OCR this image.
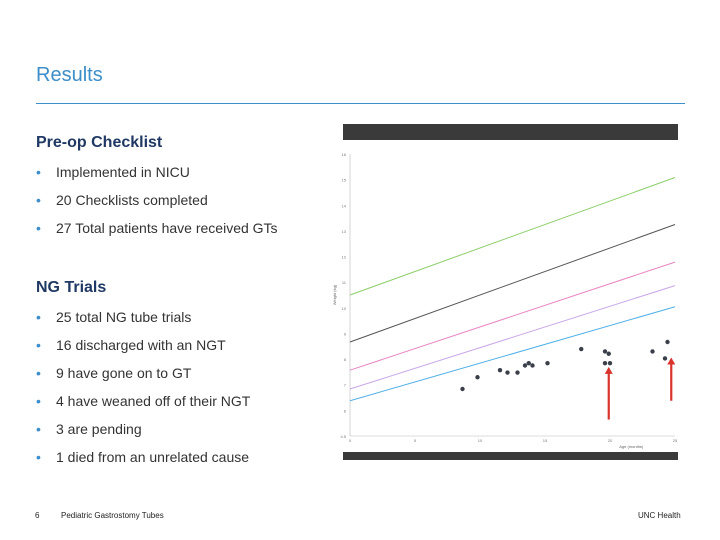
Results
Pre-op Checklist
• Implemented in NICU
• 20 Checklists completed
• 27 Total patients have received GTs
NG Trials
• 25 total NG tube trials
• 16 discharged with an NGT
• 9 have gone on to GT
• 4 have weaned off of their NGT
• 3 are pending
• 1 died from an unrelated cause
4.5
6
7
8
9
10
11
12
13
14
15
16
0	5	10	15	20	25
Weight (kg)
Age (months)
6	Pediatric Gastrostomy Tubes	UNC Health
